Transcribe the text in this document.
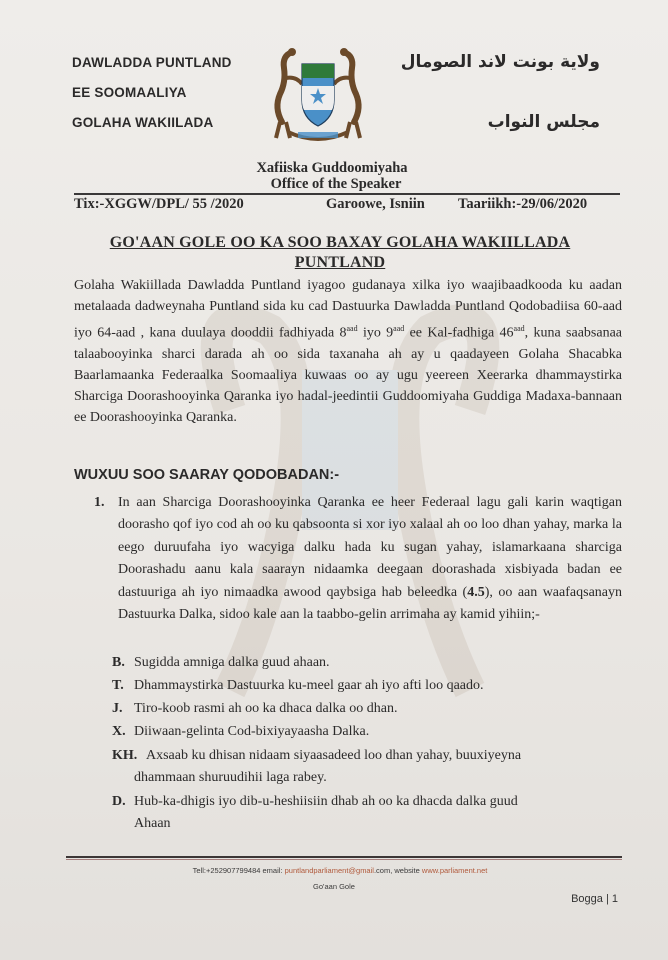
DAWLADDA PUNTLAND
EE SOOMAALIYA
GOLAHA WAKIILADA
ولاية بونت لاند الصومال
مجلس النواب
Xafiiska Guddoomiyaha
Office of the Speaker
Tix:-XGGW/DPL/ 55 /2020	Garoowe, Isniin Taariikh:-29/06/2020
GO'AAN GOLE OO KA SOO BAXAY GOLAHA WAKIILLADA
PUNTLAND
Golaha Wakiillada Dawladda Puntland iyagoo gudanaya xilka iyo waajibaadkooda ku aadan metalaada dadweynaha Puntland sida ku cad Dastuurka Dawladda Puntland Qodobadiisa 60-aad iyo 64-aad , kana duulaya dooddii fadhiyada $8^{aad}$ iyo $9^{aad}$ ee Kal-fadhiga $46^{aad}$, kuna saabsanaa talaabooyinka sharci darada ah oo sida taxanaha ah ay u qaadayeen Golaha Shacabka Baarlamaanka Federaalka Soomaaliya kuwaas oo ay ugu yeereen Xeerarka dhammaystirka Sharciga Doorashooyinka Qaranka iyo hadal-jeedintii Guddoomiyaha Guddiga Madaxa-bannaan ee Doorashooyinka Qaranka.
WUXUU SOO SAARAY QODOBADAN:-
1. In aan Sharciga Doorashooyinka Qaranka ee heer Federaal lagu gali karin waqtigan doorasho qof iyo cod ah oo ku qabsoonta si xor iyo xalaal ah oo loo dhan yahay, marka la eego duruufaha iyo wacyiga dalku hada ku sugan yahay, islamarkaana sharciga Doorashadu aanu kala saarayn nidaamka deegaan doorashada xisbiyada badan ee dastuuriga ah iyo nimaadka awood qaybsiga hab beleedka (4.5), oo aan waafaqsanayn Dastuurka Dalka, sidoo kale aan la taabbo-gelin arrimaha ay kamid yihiin;-
B. Sugidda amniga dalka guud ahaan.
T. Dhammaystirka Dastuurka ku-meel gaar ah iyo afti loo qaado.
J. Tiro-koob rasmi ah oo ka dhaca dalka oo dhan.
X. Diiwaan-gelinta Cod-bixiyayaasha Dalka.
KH. Axsaab ku dhisan nidaam siyaasadeed loo dhan yahay, buuxiyeyna
dhammaan shuruudihii laga rabey.
D. Hub-ka-dhigis iyo dib-u-heshiisiin dhab ah oo ka dhacda dalka guud
Ahaan
Tell:+252907799484 email: puntlandparliament@gmail.com, website www.parliament.net
Go'aan Gole
Bogga | 1
